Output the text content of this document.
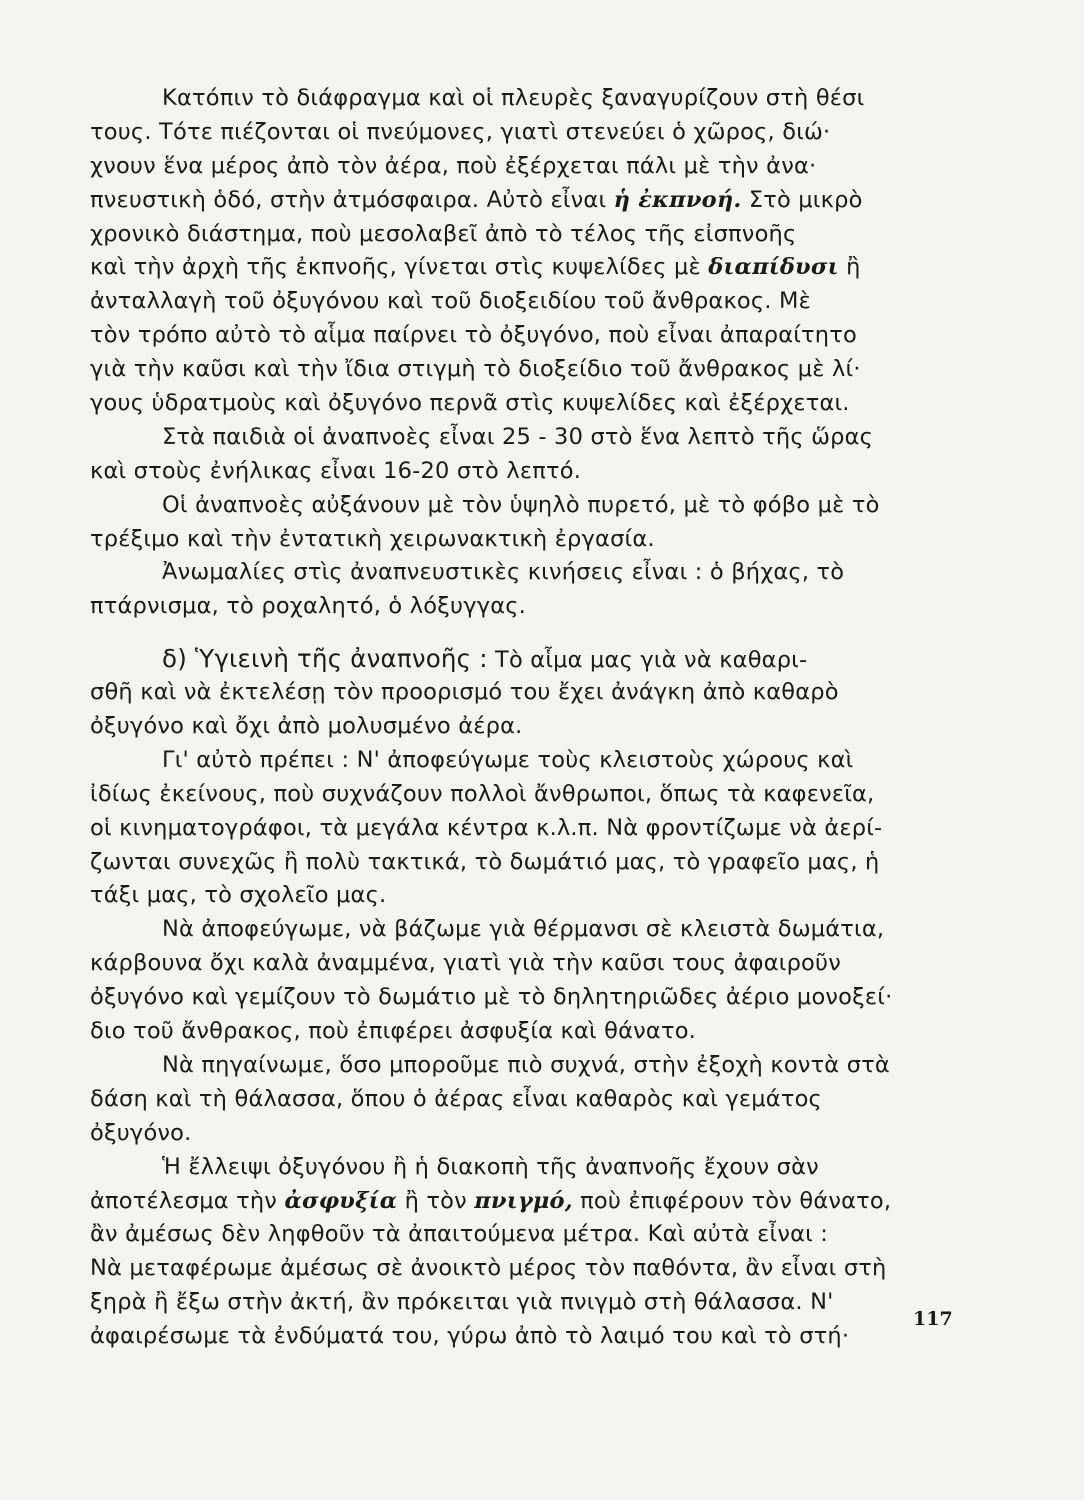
Κατόπιν τὸ διάφραγμα καὶ οἱ πλευρὲς ξαναγυρίζουν στὴ θέσι
τους. Τότε πιέζονται οἱ πνεύμονες, γιατὶ στενεύει ὁ χῶρος, διώ·
χνουν ἕνα μέρος ἀπὸ τὸν ἀέρα, ποὺ ἐξέρχεται πάλι μὲ τὴν ἀνα·
πνευστικὴ ὁδό, στὴν ἀτμόσφαιρα. Αὐτὸ εἶναι ἡ ἐκπνοή. Στὸ μικρὸ
χρονικὸ διάστημα, ποὺ μεσολαβεῖ ἀπὸ τὸ τέλος τῆς εἰσπνοῆς
καὶ τὴν ἀρχὴ τῆς ἐκπνοῆς, γίνεται στὶς κυψελίδες μὲ διαπίδυσι ἢ
ἀνταλλαγὴ τοῦ ὀξυγόνου καὶ τοῦ διοξειδίου τοῦ ἄνθρακος. Μὲ
τὸν τρόπο αὐτὸ τὸ αἷμα παίρνει τὸ ὀξυγόνο, ποὺ εἶναι ἀπαραίτητο
γιὰ τὴν καῦσι καὶ τὴν ἴδια στιγμὴ τὸ διοξείδιο τοῦ ἄνθρακος μὲ λί·
γους ὑδρατμοὺς καὶ ὀξυγόνο περνᾶ στὶς κυψελίδες καὶ ἐξέρχεται.
Στὰ παιδιὰ οἱ ἀναπνοὲς εἶναι 25 - 30 στὸ ἕνα λεπτὸ τῆς ὥρας
καὶ στοὺς ἐνήλικας εἶναι 16-20 στὸ λεπτό.
Οἱ ἀναπνοὲς αὐξάνουν μὲ τὸν ὑψηλὸ πυρετό, μὲ τὸ φόβο μὲ τὸ
τρέξιμο καὶ τὴν ἐντατικὴ χειρωνακτικὴ ἐργασία.
Ἀνωμαλίες στὶς ἀναπνευστικὲς κινήσεις εἶναι : ὁ βήχας, τὸ
πτάρνισμα, τὸ ροχαλητό, ὁ λόξυγγας.
δ) Ὑγιεινὴ τῆς ἀναπνοῆς : Τὸ αἷμα μας γιὰ νὰ καθαρι-
σθῆ καὶ νὰ ἐκτελέσῃ τὸν προορισμό του ἔχει ἀνάγκη ἀπὸ καθαρὸ
ὀξυγόνο καὶ ὄχι ἀπὸ μολυσμένο ἀέρα.
Γι' αὐτὸ πρέπει : Ν' ἀποφεύγωμε τοὺς κλειστοὺς χώρους καὶ
ἰδίως ἐκείνους, ποὺ συχνάζουν πολλοὶ ἄνθρωποι, ὅπως τὰ καφενεῖα,
οἱ κινηματογράφοι, τὰ μεγάλα κέντρα κ.λ.π. Νὰ φροντίζωμε νὰ ἀερί-
ζωνται συνεχῶς ἢ πολὺ τακτικά, τὸ δωμάτιό μας, τὸ γραφεῖο μας, ἡ
τάξι μας, τὸ σχολεῖο μας.
Νὰ ἀποφεύγωμε, νὰ βάζωμε γιὰ θέρμανσι σὲ κλειστὰ δωμάτια,
κάρβουνα ὄχι καλὰ ἀναμμένα, γιατὶ γιὰ τὴν καῦσι τους ἀφαιροῦν
ὀξυγόνο καὶ γεμίζουν τὸ δωμάτιο μὲ τὸ δηλητηριῶδες ἀέριο μονοξεί·
διο τοῦ ἄνθρακος, ποὺ ἐπιφέρει ἀσφυξία καὶ θάνατο.
Νὰ πηγαίνωμε, ὅσο μποροῦμε πιὸ συχνά, στὴν ἐξοχὴ κοντὰ στὰ
δάση καὶ τὴ θάλασσα, ὅπου ὁ ἀέρας εἶναι καθαρὸς καὶ γεμάτος
ὀξυγόνο.
Ἡ ἔλλειψι ὀξυγόνου ἢ ἡ διακοπὴ τῆς ἀναπνοῆς ἔχουν σὰν
ἀποτέλεσμα τὴν ἀσφυξία ἢ τὸν πνιγμό, ποὺ ἐπιφέρουν τὸν θάνατο,
ἂν ἀμέσως δὲν ληφθοῦν τὰ ἀπαιτούμενα μέτρα. Καὶ αὐτὰ εἶναι :
Νὰ μεταφέρωμε ἀμέσως σὲ ἀνοικτὸ μέρος τὸν παθόντα, ἂν εἶναι στὴ
ξηρὰ ἢ ἔξω στὴν ἀκτή, ἂν πρόκειται γιὰ πνιγμὸ στὴ θάλασσα. Ν'
ἀφαιρέσωμε τὰ ἐνδύματά του, γύρω ἀπὸ τὸ λαιμό του καὶ τὸ στή·
117
